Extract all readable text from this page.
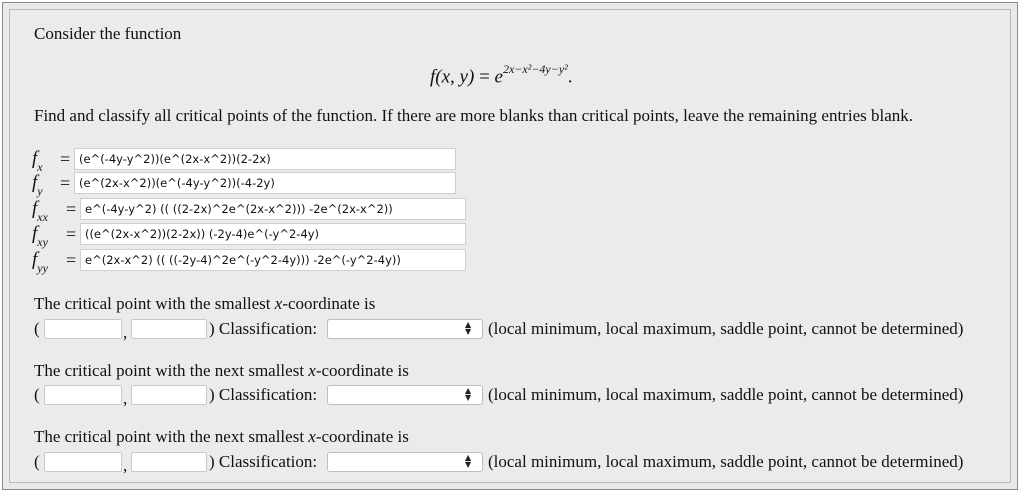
Consider the function
f(x, $y) = e^{2x-x^2-4y-y^2}$.
Find and classify all critical points of the function. If there are more blanks than critical points, leave the remaining entries blank.
$f_x$ = (e^(-4y-y^2))(e^(2x-x^2))(2-2x)
$f_y$ = (e^(2x-x^2))(e^(-4y-y^2))(-4-2y)
$f_{xx}$ = e^(-4y-y^2) (( ((2-2x)^2e^(2x-x^2))) -2e^(2x-x^2))
$f_{xy}$ = ((e^(2x-x^2))(2-2x)) (-2y-4)e^(-y^2-4y)
$f_{yy}$ = e^(2x-x^2) (( ((-2y-4)^2e^(-y^2-4y))) -2e^(-y^2-4y))
The critical point with the smallest x-coordinate is
(	,	) Classification:	▲
▼ (local minimum, local maximum, saddle point, cannot be determined)
The critical point with the next smallest x-coordinate is
(	,	) Classification:	▲
▼ (local minimum, local maximum, saddle point, cannot be determined)
The critical point with the next smallest x-coordinate is
(	,	) Classification:	▲
▼ (local minimum, local maximum, saddle point, cannot be determined)
